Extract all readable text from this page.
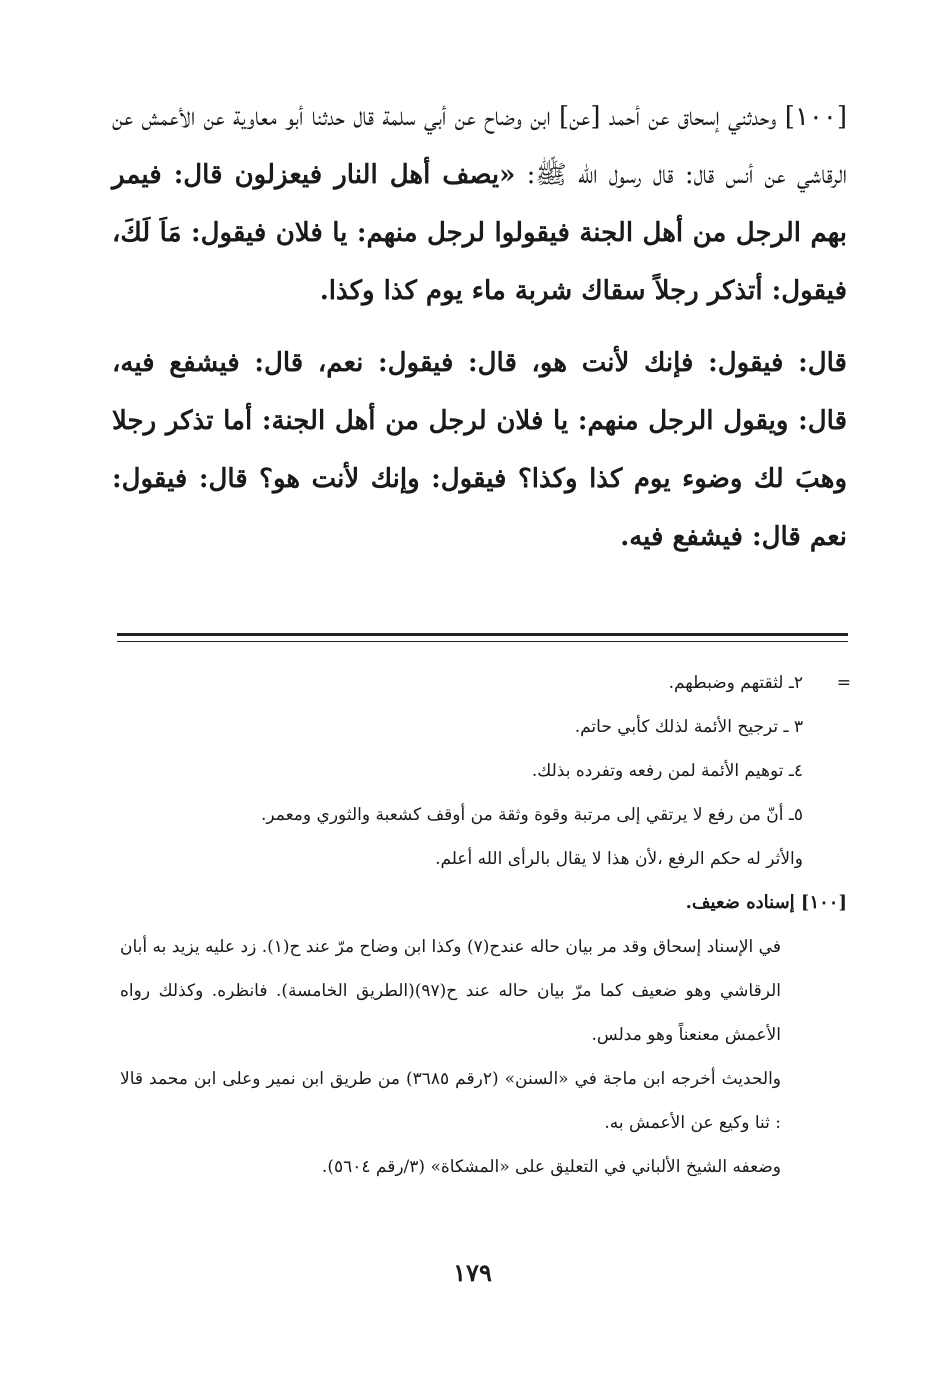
[١٠٠] وحدثني إسحاق عن أحمد [عن] ابن وضاح عن أبي سلمة قال حدثنا أبو معاوية عن الأعمش عن الرقاشي عن أنس قال: قال رسول الله ﷺ: «يصف أهل النار فيعزلون قال: فيمر بهم الرجل من أهل الجنة فيقولوا لرجل منهم: يا فلان فيقول: مَاَ لَكَ، فيقول: أتذكر رجلاً سقاك شربة ماء يوم كذا وكذا.

قال: فيقول: فإنك لأنت هو، قال: فيقول: نعم، قال: فيشفع فيه، قال: ويقول الرجل منهم: يا فلان لرجل من أهل الجنة: أما تذكر رجلا وهبَ لك وضوء يوم كذا وكذا؟ فيقول: وإنك لأنت هو؟ قال: فيقول: نعم قال: فيشفع فيه.

=
٢ـ لثقتهم وضبطهم.
٣ ـ ترجيح الأئمة لذلك كأبي حاتم.
٤ـ توهيم الأئمة لمن رفعه وتفرده بذلك.
٥ـ أنّ من رفع لا يرتقي إلى مرتبة وقوة وثقة من أوقف كشعبة والثوري ومعمر.
والأثر له حكم الرفع ،لأن هذا لا يقال بالرأى الله أعلم.
[١٠٠] إسناده ضعيف.
في الإسناد إسحاق وقد مر بيان حاله عندح(٧) وكذا ابن وضاح مرّ عند ح(١). زد عليه يزيد به أبان الرقاشي وهو ضعيف كما مرّ بيان حاله عند ح(٩٧)(الطريق الخامسة). فانظره. وكذلك رواه الأعمش معنعناً وهو مدلس.
والحديث أخرجه ابن ماجة في «السنن» (٢رقم ٣٦٨٥) من طريق ابن نمير وعلى ابن محمد قالا : ثنا وكيع عن الأعمش به.
وضعفه الشيخ الألباني في التعليق على «المشكاة» (٣/رقم ٥٦٠٤).
١٧٩
